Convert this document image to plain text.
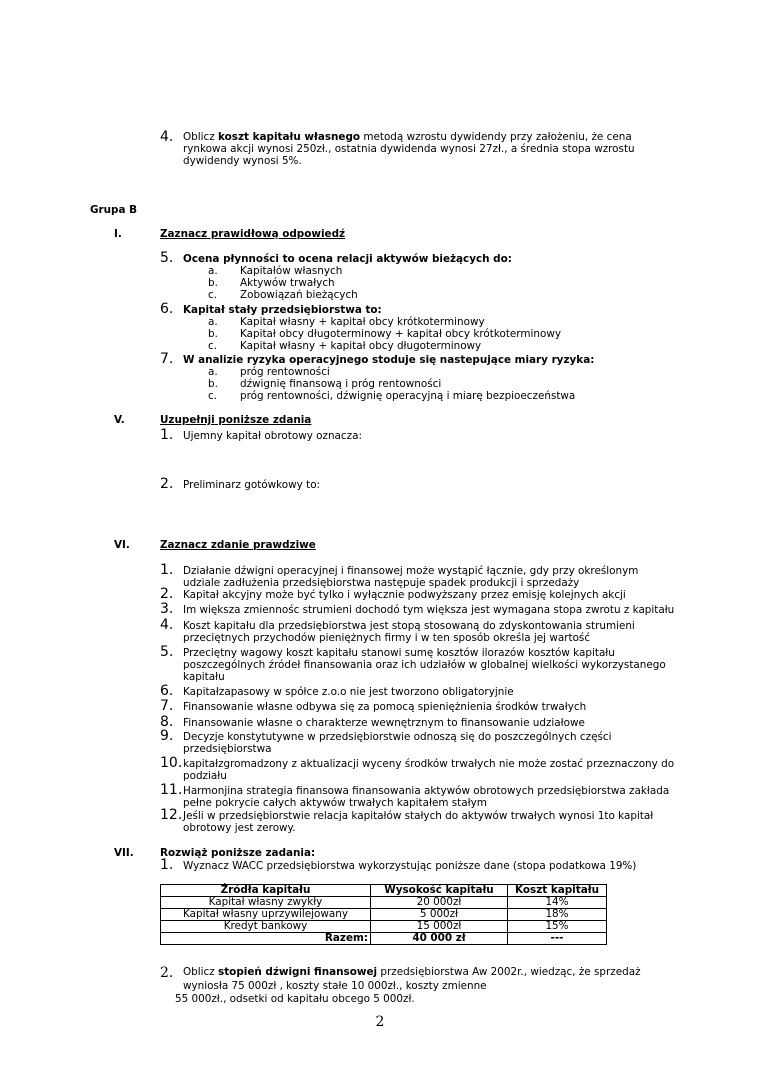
4. Oblicz koszt kapitału własnego metodą wzrostu dywidendy przy założeniu, że cena
rynkowa akcji wynosi 250zł., ostatnia dywidenda wynosi 27zł., a średnia stopa wzrostu
dywidendy wynosi 5%.
Grupa B
I.	Zaznacz prawidłową odpowiedź
5. Ocena płynności to ocena relacji aktywów bieżących do:
a. Kapitałów własnych
b. Aktywów trwałych
c. Zobowiązań bieżących
6. Kapitał stały przedsiębiorstwa to:
a. Kapitał własny + kapitał obcy krótkoterminowy
b. Kapitał obcy długoterminowy + kapitał obcy krótkoterminowy
c. Kapitał własny + kapitał obcy długoterminowy
7. W analizie ryzyka operacyjnego stoduje się nastepujące miary ryzyka:
a. próg rentowności
b. dźwignię finansową i próg rentowności
c. próg rentowności, dźwignię operacyjną i miarę bezpioeczeństwa
V.	Uzupełnji poniższe zdania
1. Ujemny kapitał obrotowy oznacza:
2. Preliminarz gotówkowy to:
VI.	Zaznacz zdanie prawdziwe
1. Działanie dźwigni operacyjnej i finansowej może wystąpić łącznie, gdy przy określonym
udziale zadłużenia przedsiębiorstwa następuje spadek produkcji i sprzedaży
2. Kapitał akcyjny może być tylko i wyłącznie podwyższany przez emisję kolejnych akcji
3. Im większa zmiennośc strumieni dochodó tym większa jest wymagana stopa zwrotu z kapitału
4. Koszt kapitału dla przedsiębiorstwa jest stopą stosowaną do zdyskontowania strumieni
przeciętnych przychodów pieniężnych firmy i w ten sposób określa jej wartość
5. Przeciętny wagowy koszt kapitału stanowi sumę kosztów ilorazów kosztów kapitału
poszczególnych źródeł finansowania oraz ich udziałów w globalnej wielkości wykorzystanego
kapitału
6. Kapitałzapasowy w spółce z.o.o nie jest tworzono obligatoryjnie
7. Finansowanie własne odbywa się za pomocą spieniężnienia środków trwałych
8. Finansowanie własne o charakterze wewnętrznym to finansowanie udziałowe
9. Decyzje konstytutywne w przedsiębiorstwie odnoszą się do poszczególnych części
przedsiębiorstwa
10. kapitałzgromadzony z aktualizacji wyceny środków trwałych nie może zostać przeznaczony do
podziału
11. Harmonjina strategia finansowa finansowania aktywów obrotowych przedsiębiorstwa zakłada
pełne pokrycie całych aktywów trwałych kapitałem stałym
12. Jeśli w przedsiębiorstwie relacja kapitałów stałych do aktywów trwałych wynosi 1to kapitał
obrotowy jest zerowy.
VII.	Rozwiąż poniższe zadania:
1. Wyznacz WACC przedsiębiorstwa wykorzystując poniższe dane (stopa podatkowa 19%)
Źródła kapitału	Wysokość kapitału	Koszt kapitału
Kapitał własny zwykły	20 000zł	14%
Kapitał własny uprzywilejowany	5 000zł	18%
Kredyt bankowy	15 000zł	15%
Razem:	40 000 zł	---
2. Oblicz stopień dźwigni finansowej przedsiębiorstwa Aw 2002r., wiedząc, że sprzedaż
wyniosła 75 000zł , koszty stałe 10 000zł., koszty zmienne
55 000zł., odsetki od kapitału obcego 5 000zł.
2
